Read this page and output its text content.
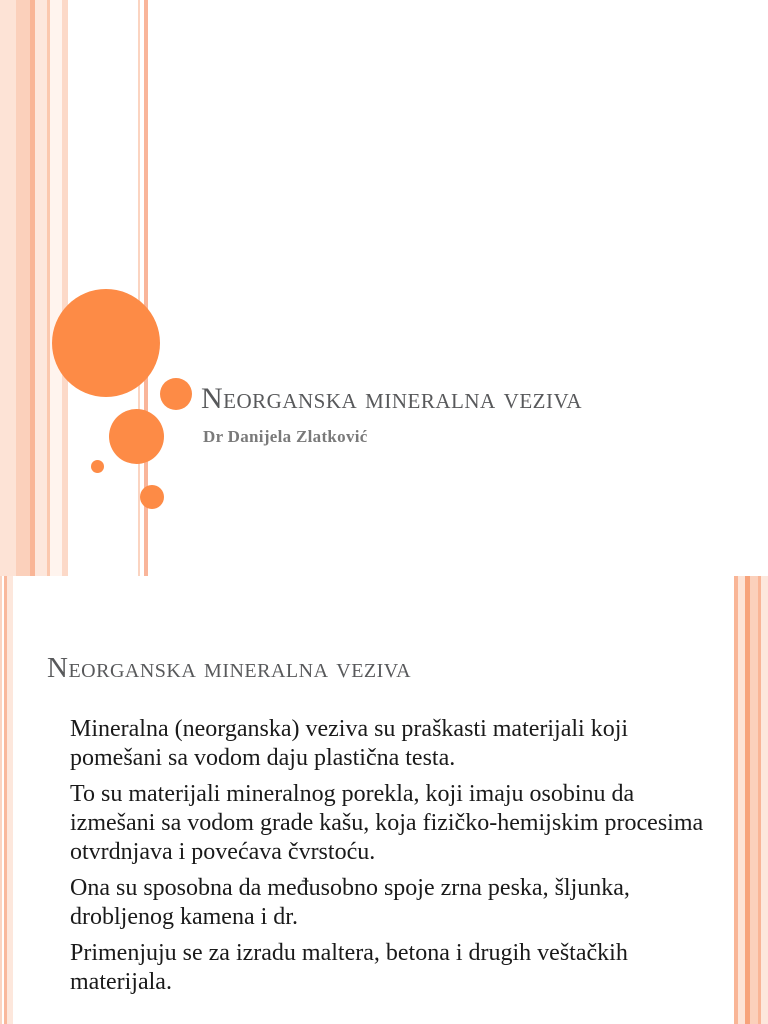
Neorganska mineralna veziva

Dr Danijela Zlatković

Neorganska mineralna veziva
Mineralna (neorganska) veziva su praškasti materijali koji pomešani sa vodom daju plastična testa.
To su materijali mineralnog porekla, koji imaju osobinu da izmešani sa vodom grade kašu, koja fizičko-hemijskim procesima otvrdnjava i povećava čvrstoću.
Ona su sposobna da međusobno spoje zrna peska, šljunka, drobljenog kamena i dr.
Primenjuju se za izradu maltera, betona i drugih veštačkih materijala.
